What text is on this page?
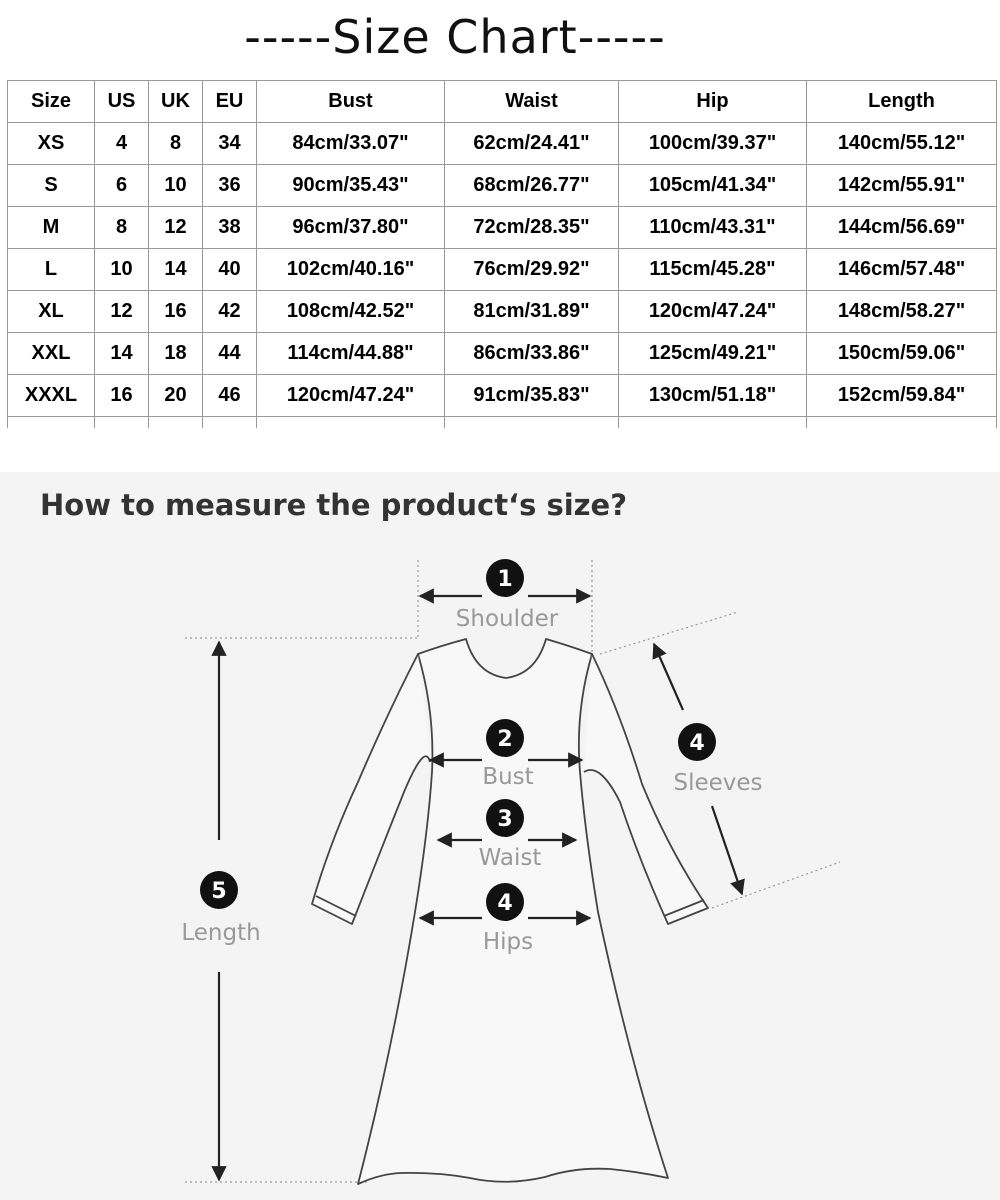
-----Size Chart-----
Size	US	UK	EU	Bust	Waist	Hip	Length
XS	4	8	34	84cm/33.07"	62cm/24.41"	100cm/39.37"	140cm/55.12"
S	6	10	36	90cm/35.43"	68cm/26.77"	105cm/41.34"	142cm/55.91"
M	8	12	38	96cm/37.80"	72cm/28.35"	110cm/43.31"	144cm/56.69"
L	10	14	40	102cm/40.16"	76cm/29.92"	115cm/45.28"	146cm/57.48"
XL	12	16	42	108cm/42.52"	81cm/31.89"	120cm/47.24"	148cm/58.27"
XXL	14	18	44	114cm/44.88"	86cm/33.86"	125cm/49.21"	150cm/59.06"
XXXL	16	20	46	120cm/47.24"	91cm/35.83"	130cm/51.18"	152cm/59.84"

How to measure the product‘s size?
1
2
3
4
4
5
Shoulder
Bust
Waist
Hips
Sleeves
Length
